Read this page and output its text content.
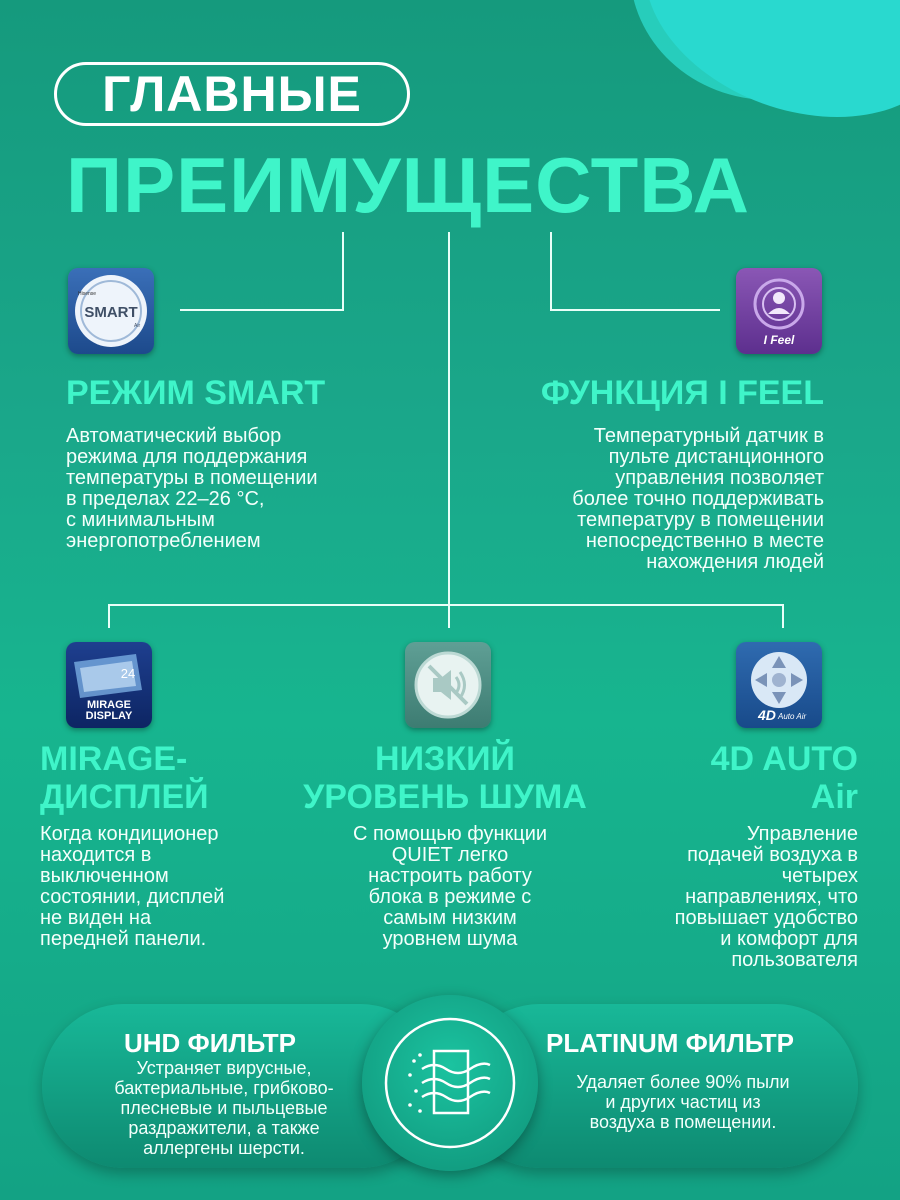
ГЛАВНЫЕ
ПРЕИМУЩЕСТВА
Hisense
SMART
Air
I Feel
РЕЖИМ SMART
Автоматический выбор
режима для поддержания
температуры в помещении
в пределах 22–26 °С,
с минимальным
энергопотреблением
ФУНКЦИЯ I FEEL
Температурный датчик в
пульте дистанционного
управления позволяет
более точно поддерживать
температуру в помещении
непосредственно в месте
нахождения людей
24
MIRAGE
DISPLAY	4D Auto Air
MIRAGE-
ДИСПЛЕЙ
Когда кондиционер
находится в
выключенном
состоянии, дисплей
не виден на
передней панели.
НИЗКИЙ
УРОВЕНЬ ШУМА
С помощью функции
QUIET легко
настроить работу
блока в режиме с
самым низким
уровнем шума
4D AUTO
Air
Управление
подачей воздуха в
четырех
направлениях, что
повышает удобство
и комфорт для
пользователя
UHD ФИЛЬТР
Устраняет вирусные,
бактериальные, грибково-
плесневые и пыльцевые
раздражители, а также
аллергены шерсти.
PLATINUM ФИЛЬТР
Удаляет более 90% пыли
и других частиц из
воздуха в помещении.
